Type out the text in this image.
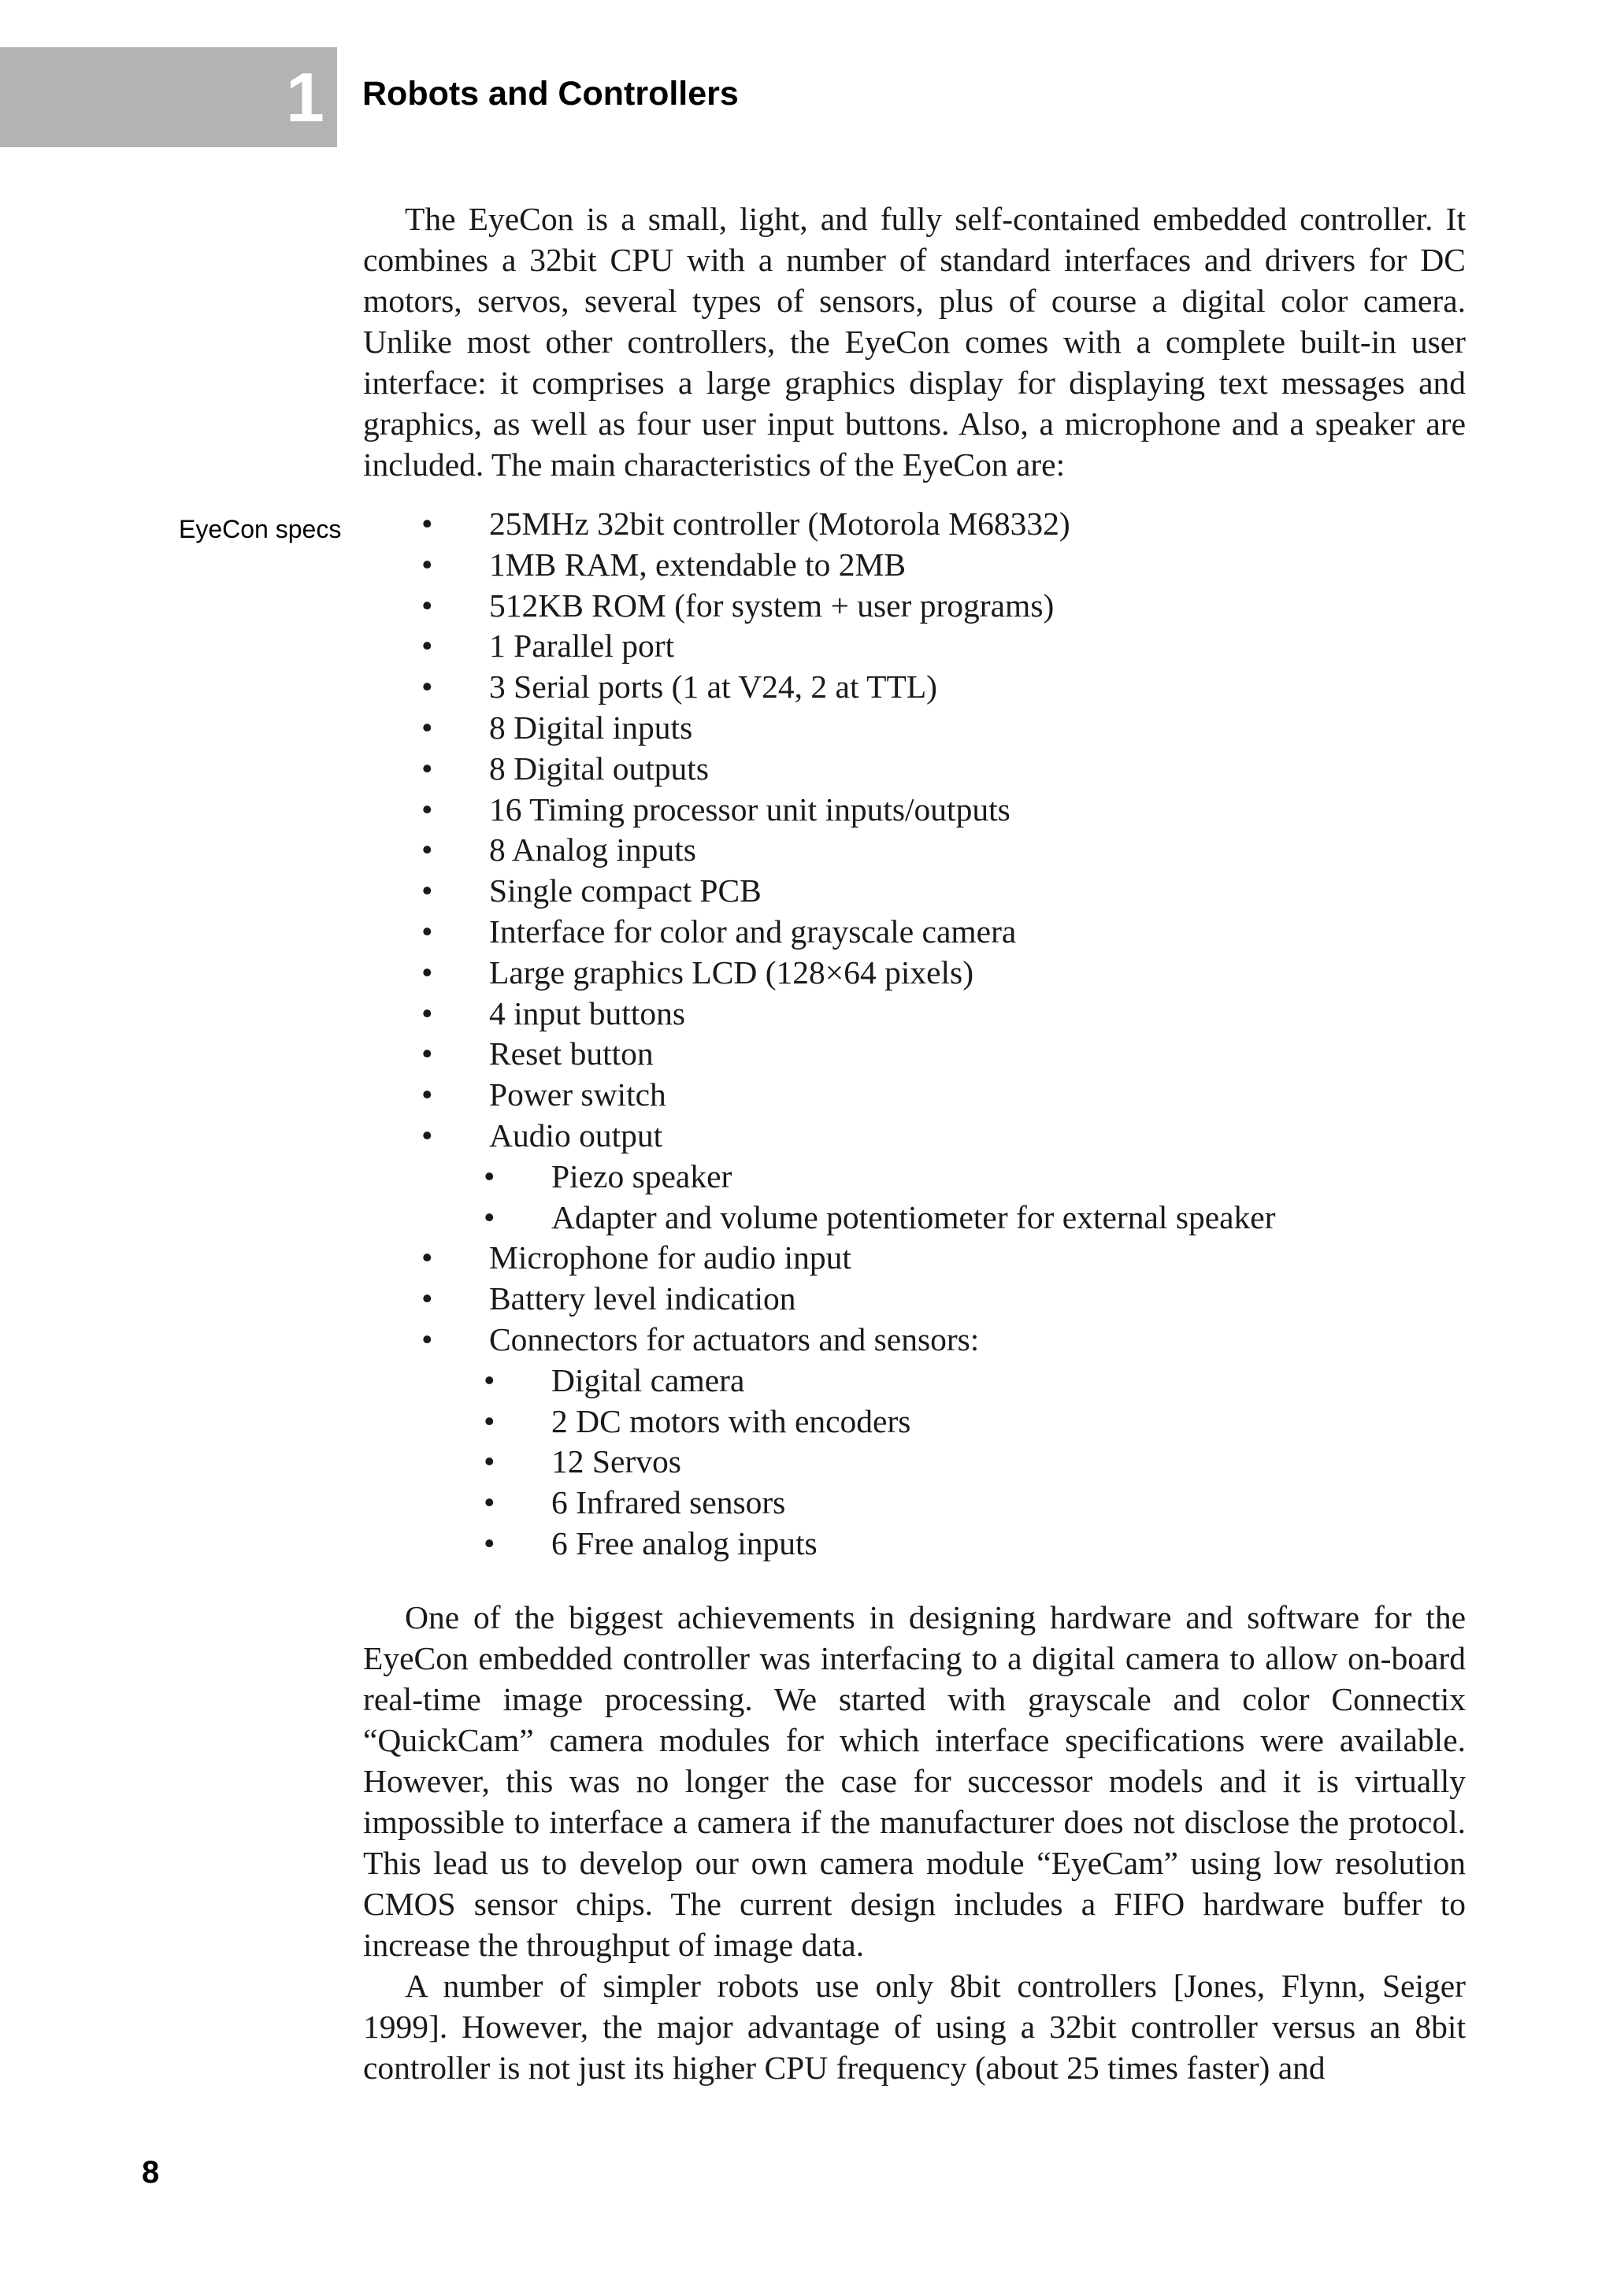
1 Robots and Controllers

The EyeCon is a small, light, and fully self-contained embedded controller. It combines a 32bit CPU with a number of standard interfaces and drivers for DC motors, servos, several types of sensors, plus of course a digital color camera. Unlike most other controllers, the EyeCon comes with a complete built-in user interface: it comprises a large graphics display for displaying text messages and graphics, as well as four user input buttons. Also, a microphone and a speaker are included. The main characteristics of the EyeCon are:

EyeCon specs • 25MHz 32bit controller (Motorola M68332)
• 1MB RAM, extendable to 2MB
• 512KB ROM (for system + user programs)
• 1 Parallel port
• 3 Serial ports (1 at V24, 2 at TTL)
• 8 Digital inputs
• 8 Digital outputs
• 16 Timing processor unit inputs/outputs
• 8 Analog inputs
• Single compact PCB
• Interface for color and grayscale camera
• Large graphics LCD (128×64 pixels)
• 4 input buttons
• Reset button
• Power switch
• Audio output
• Piezo speaker
• Adapter and volume potentiometer for external speaker
• Microphone for audio input
• Battery level indication
• Connectors for actuators and sensors:
• Digital camera
• 2 DC motors with encoders
• 12 Servos
• 6 Infrared sensors
• 6 Free analog inputs

One of the biggest achievements in designing hardware and software for the EyeCon embedded controller was interfacing to a digital camera to allow on-board real-time image processing. We started with grayscale and color Connectix “QuickCam” camera modules for which interface specifications were available. However, this was no longer the case for successor models and it is virtually impossible to interface a camera if the manufacturer does not disclose the protocol. This lead us to develop our own camera module “EyeCam” using low resolution CMOS sensor chips. The current design includes a FIFO hardware buffer to increase the throughput of image data.

A number of simpler robots use only 8bit controllers [Jones, Flynn, Seiger 1999]. However, the major advantage of using a 32bit controller versus an 8bit controller is not just its higher CPU frequency (about 25 times faster) and

8
